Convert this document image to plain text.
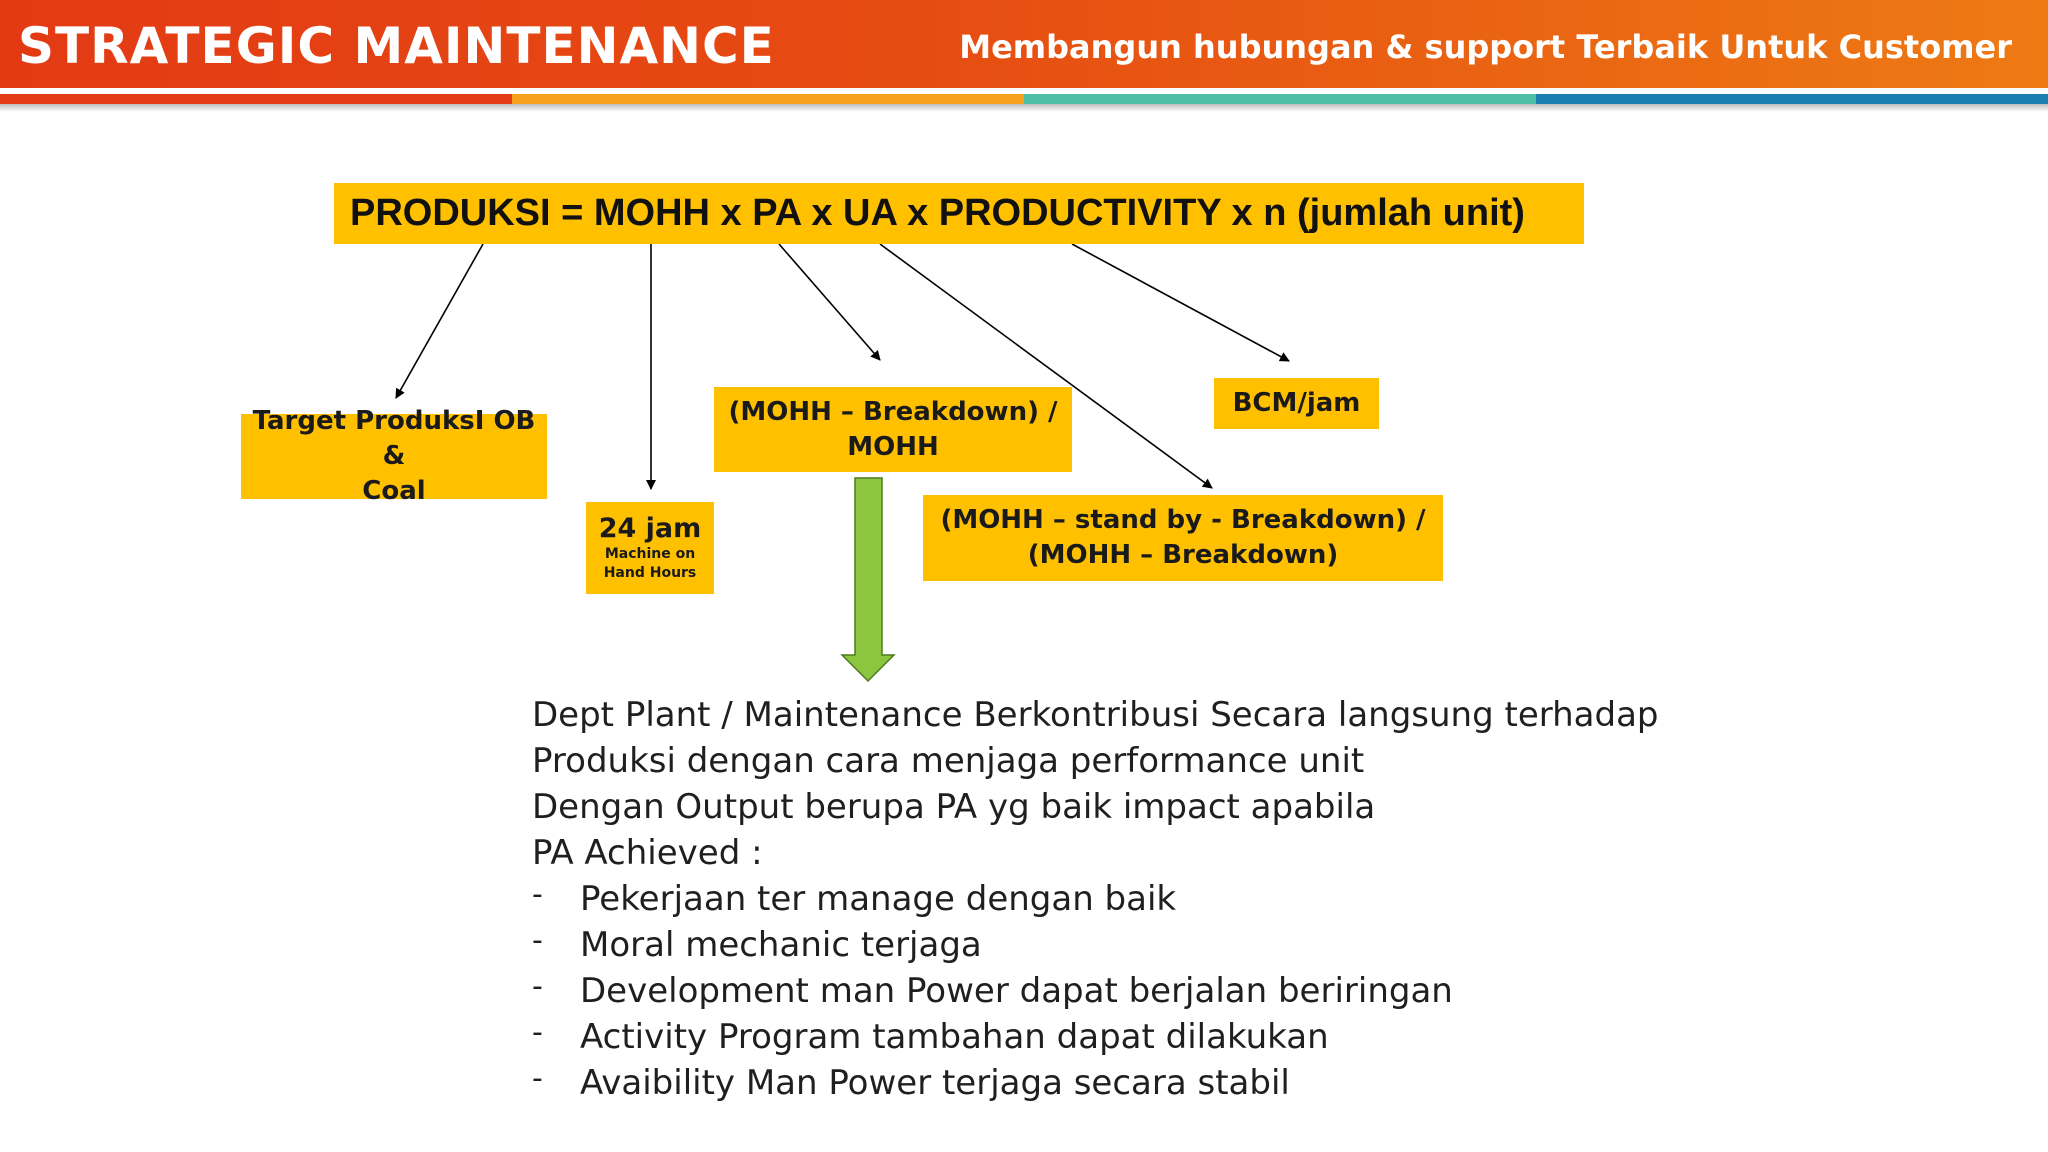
STRATEGIC MAINTENANCE	Membangun hubungan & support Terbaik Untuk Customer
PRODUKSI = MOHH x PA x UA x PRODUCTIVITY x n (jumlah unit)
Target ProduksI OB &
Coal
24 jam
Machine on
Hand Hours
(MOHH – Breakdown) /
MOHH
(MOHH – stand by - Breakdown) /
(MOHH – Breakdown)
BCM/jam
Dept Plant / Maintenance Berkontribusi Secara langsung terhadap
Produksi dengan cara menjaga performance unit
Dengan Output berupa PA yg baik impact apabila
PA Achieved :
- Pekerjaan ter manage dengan baik
- Moral mechanic terjaga
- Development man Power dapat berjalan beriringan
- Activity Program tambahan dapat dilakukan
- Avaibility Man Power terjaga secara stabil
